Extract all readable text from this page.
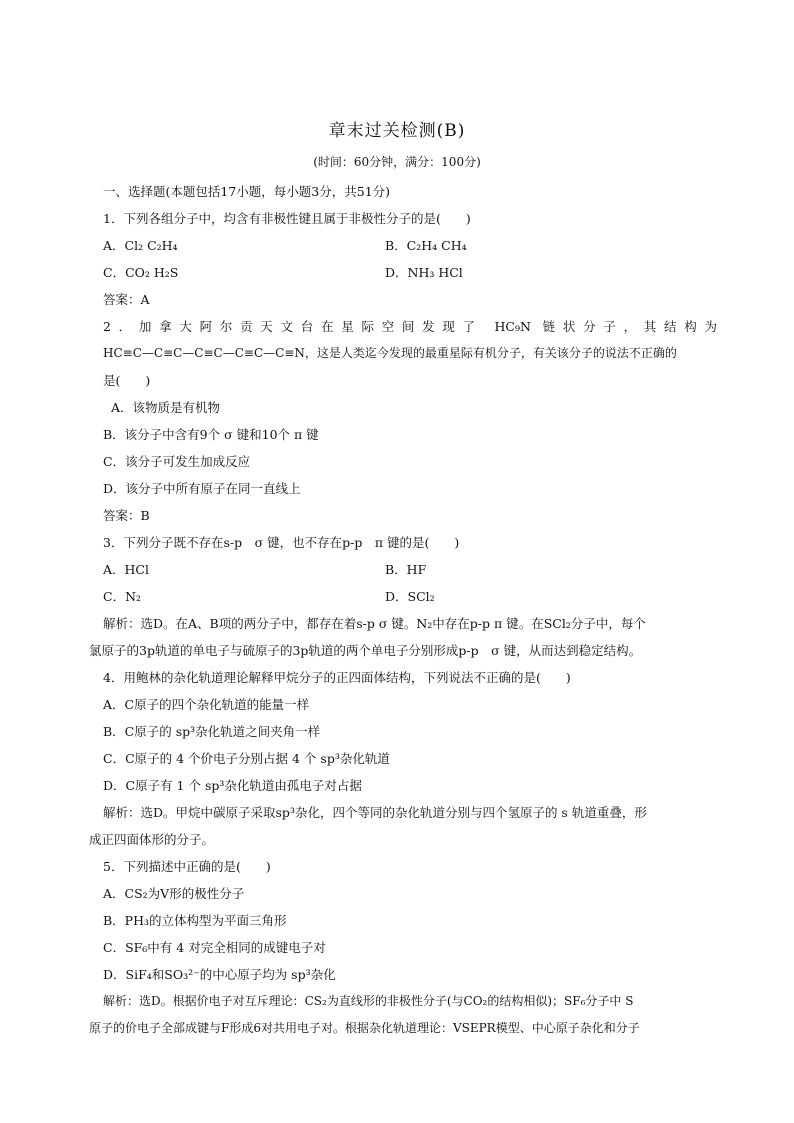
章末过关检测(B)
(时间：60分钟，满分：100分)
一、选择题(本题包括17小题，每小题3分，共51分)
1．下列各组分子中，均含有非极性键且属于非极性分子的是(　　)
A．Cl₂ C₂H₄	B．C₂H₄ CH₄
C．CO₂ H₂S	D．NH₃ HCl
答案：A
2．加拿大阿尔贡天文台在星际空间发现了 HC₉N 链状分子，其结构为
HC≡C—C≡C—C≡C—C≡C—C≡N，这是人类迄今发现的最重星际有机分子，有关该分子的说法不正确的
是(　　)
A．该物质是有机物
B．该分子中含有9个 σ 键和10个 π 键
C．该分子可发生加成反应
D．该分子中所有原子在同一直线上
答案：B
3．下列分子既不存在s-p　σ 键，也不存在p-p　π 键的是(　　)
A．HCl	B．HF
C．N₂	D．SCl₂
解析：选D。在A、B项的两分子中，都存在着s-p σ 键。N₂中存在p-p π 键。在SCl₂分子中，每个
氯原子的3p轨道的单电子与硫原子的3p轨道的两个单电子分别形成p-p　σ 键，从而达到稳定结构。
4．用鲍林的杂化轨道理论解释甲烷分子的正四面体结构，下列说法不正确的是(　　)
A．C原子的四个杂化轨道的能量一样
B．C原子的 sp³杂化轨道之间夹角一样
C．C原子的 4 个价电子分别占据 4 个 sp³杂化轨道
D．C原子有 1 个 sp³杂化轨道由孤电子对占据
解析：选D。甲烷中碳原子采取sp³杂化，四个等同的杂化轨道分别与四个氢原子的 s 轨道重叠，形
成正四面体形的分子。
5．下列描述中正确的是(　　)
A．CS₂为V形的极性分子
B．PH₃的立体构型为平面三角形
C．SF₆中有 4 对完全相同的成键电子对
D．SiF₄和SO₃²⁻的中心原子均为 sp³杂化
解析：选D。根据价电子对互斥理论：CS₂为直线形的非极性分子(与CO₂的结构相似)；SF₆分子中 S
原子的价电子全部成键与F形成6对共用电子对。根据杂化轨道理论：VSEPR模型、中心原子杂化和分子
